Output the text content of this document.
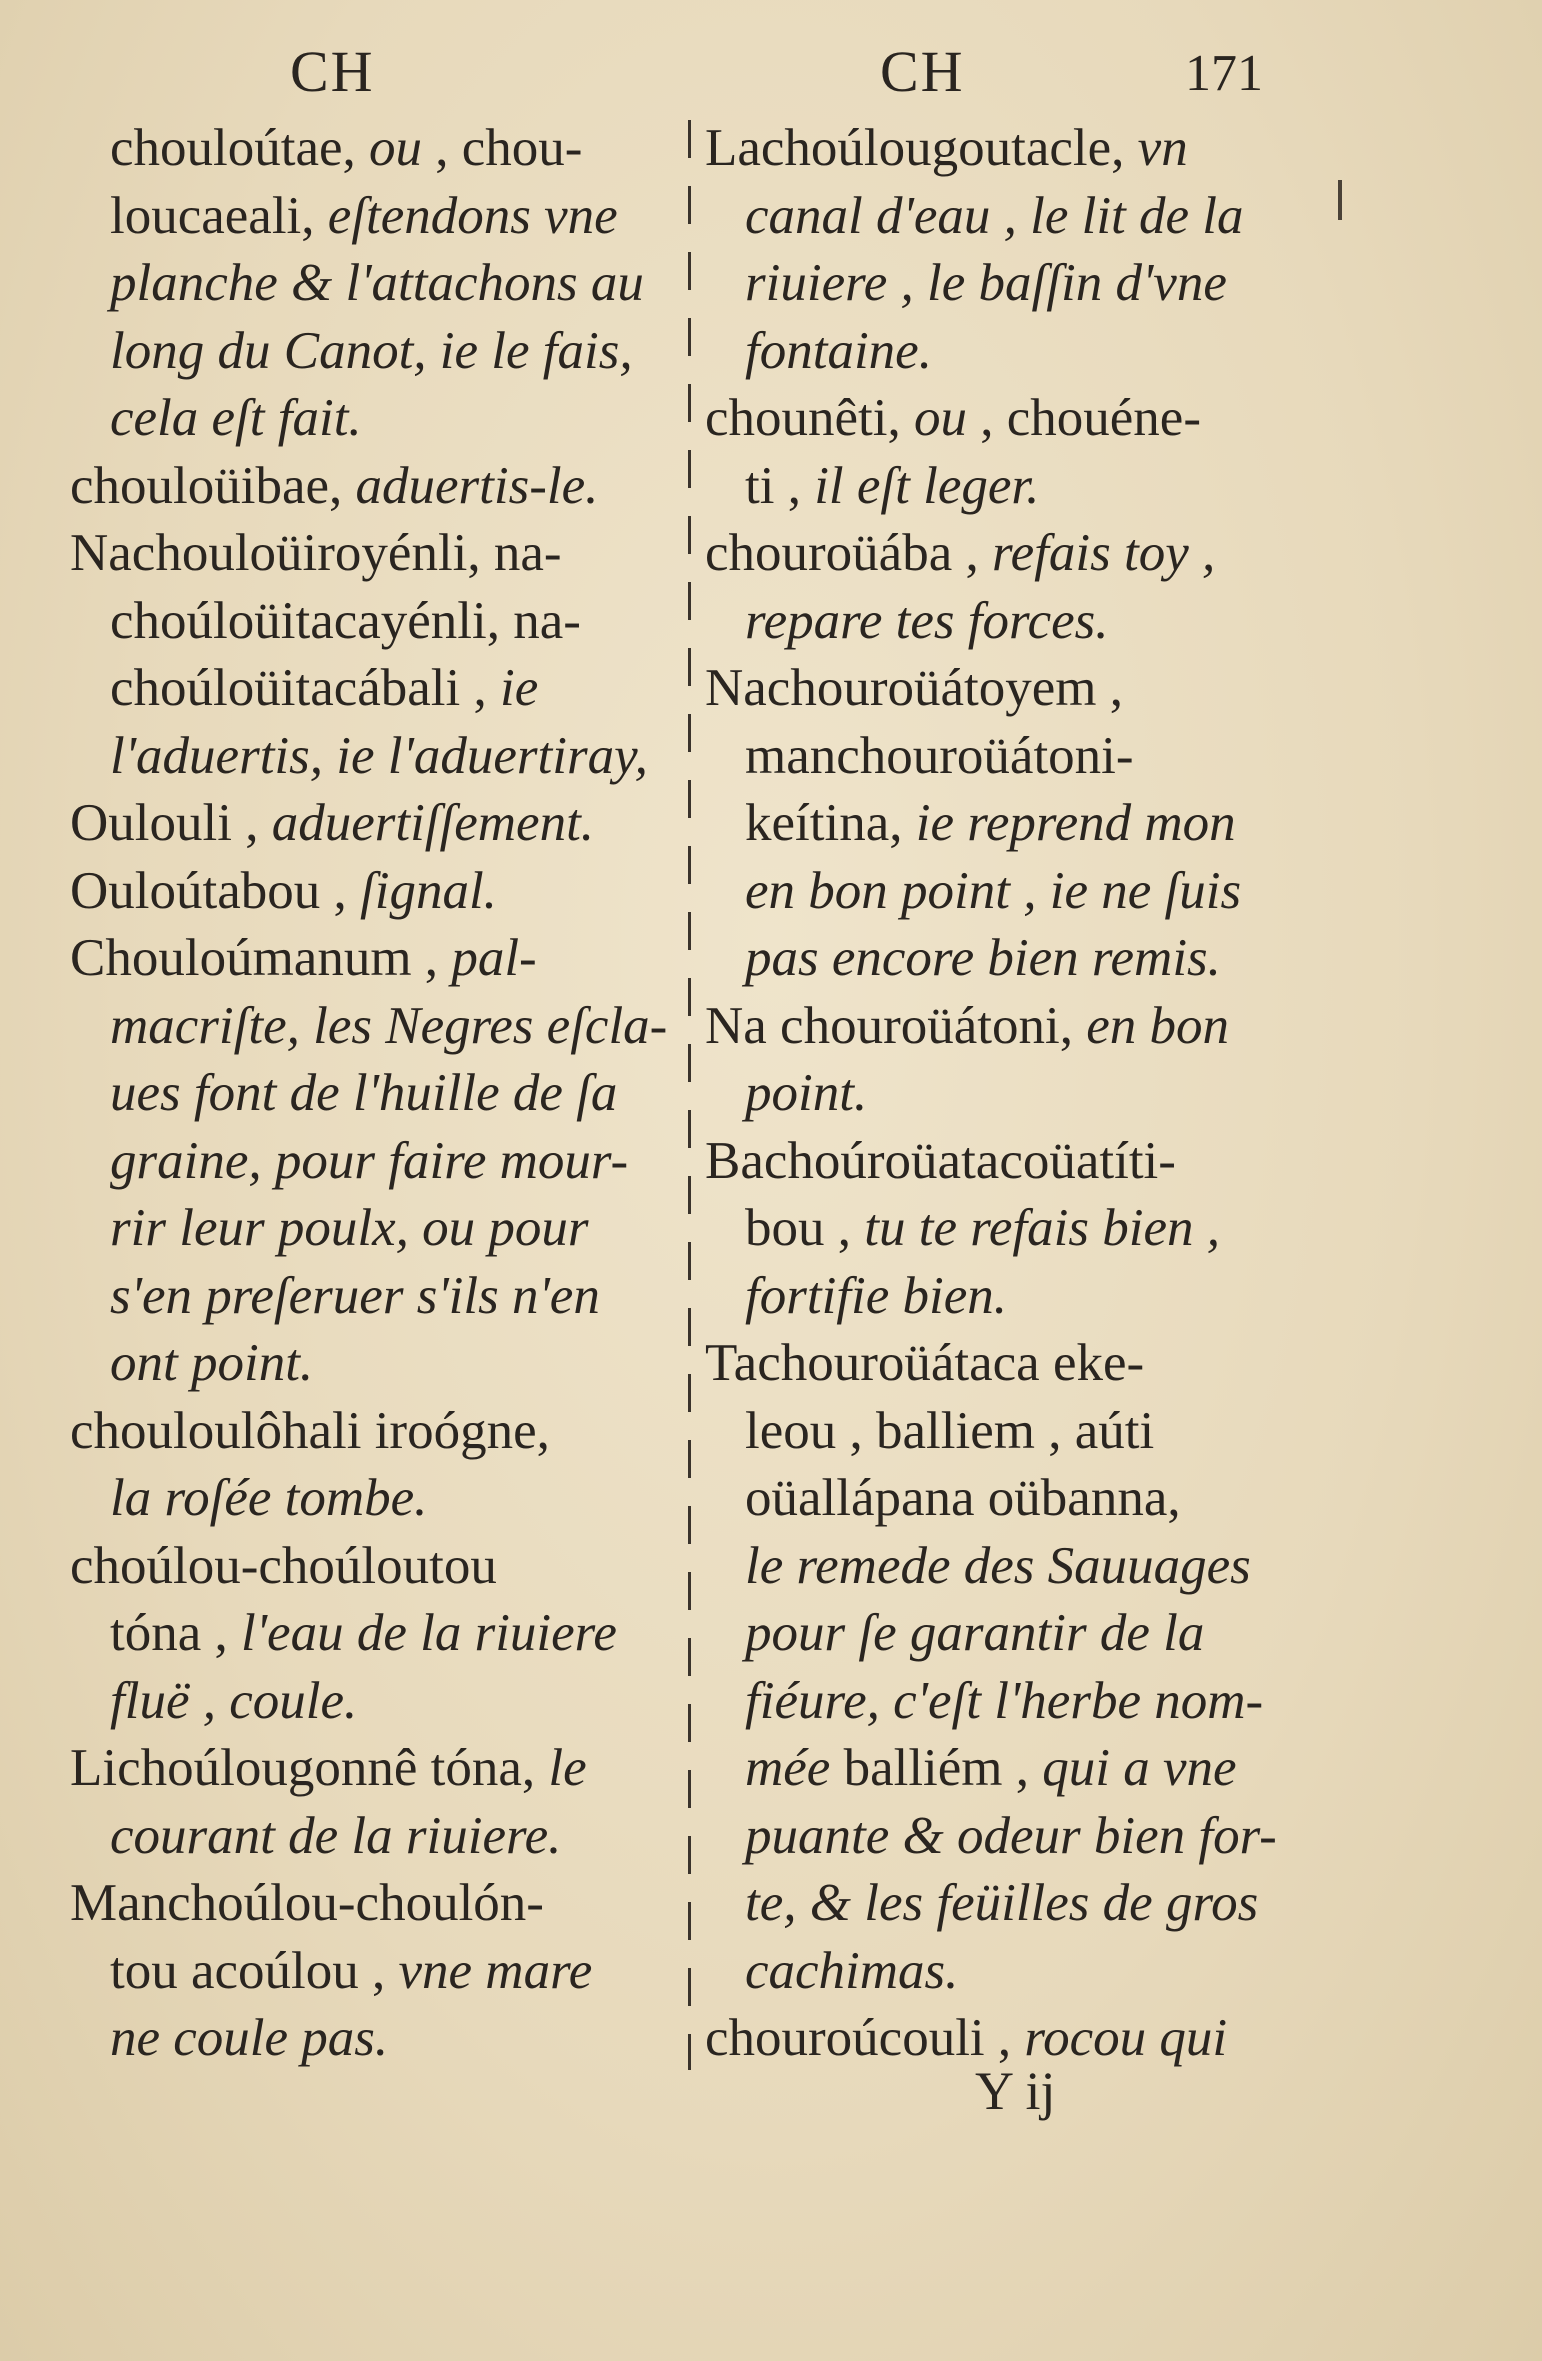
CH	CH	171
chouloútae, ou , chou-
loucaeali, eſtendons vne
planche & l'attachons au
long du Canot, ie le fais,
cela eſt fait.
chouloüibae, aduertis-le.
Nachouloüiroyénli, na-
choúloüitacayénli, na-
choúloüitacábali , ie
l'aduertis, ie l'aduertiray,
Oulouli , aduertiſſement.
Ouloútabou , ſignal.
Chouloúmanum , pal-
macriſte, les Negres eſcla-
ues font de l'huille de ſa
graine, pour faire mour-
rir leur poulx, ou pour
s'en preſeruer s'ils n'en
ont point.
chouloulôhali iroógne,
la roſée tombe.
choúlou-choúloutou
tóna , l'eau de la riuiere
fluë , coule.
Lichoúlougonnê tóna, le
courant de la riuiere.
Manchoúlou-choulón-
tou acoúlou , vne mare
ne coule pas.
Lachoúlougoutacle, vn
canal d'eau , le lit de la
riuiere , le baſſin d'vne
fontaine.
chounêti, ou , chouéne-
ti , il eſt leger.
chouroüába , refais toy ,
repare tes forces.
Nachouroüátoyem ,
manchouroüátoni-
keítina, ie reprend mon
en bon point , ie ne ſuis
pas encore bien remis.
Na chouroüátoni, en bon
point.
Bachoúroüatacoüatíti-
bou , tu te refais bien ,
fortifie bien.
Tachouroüátaca eke-
leou , balliem , aúti
oüallápana oübanna,
le remede des Sauuages
pour ſe garantir de la
fiéure, c'eſt l'herbe nom-
mée balliém , qui a vne
puante & odeur bien for-
te, & les feüilles de gros
cachimas.
chouroúcouli , rocou qui
Y ij
